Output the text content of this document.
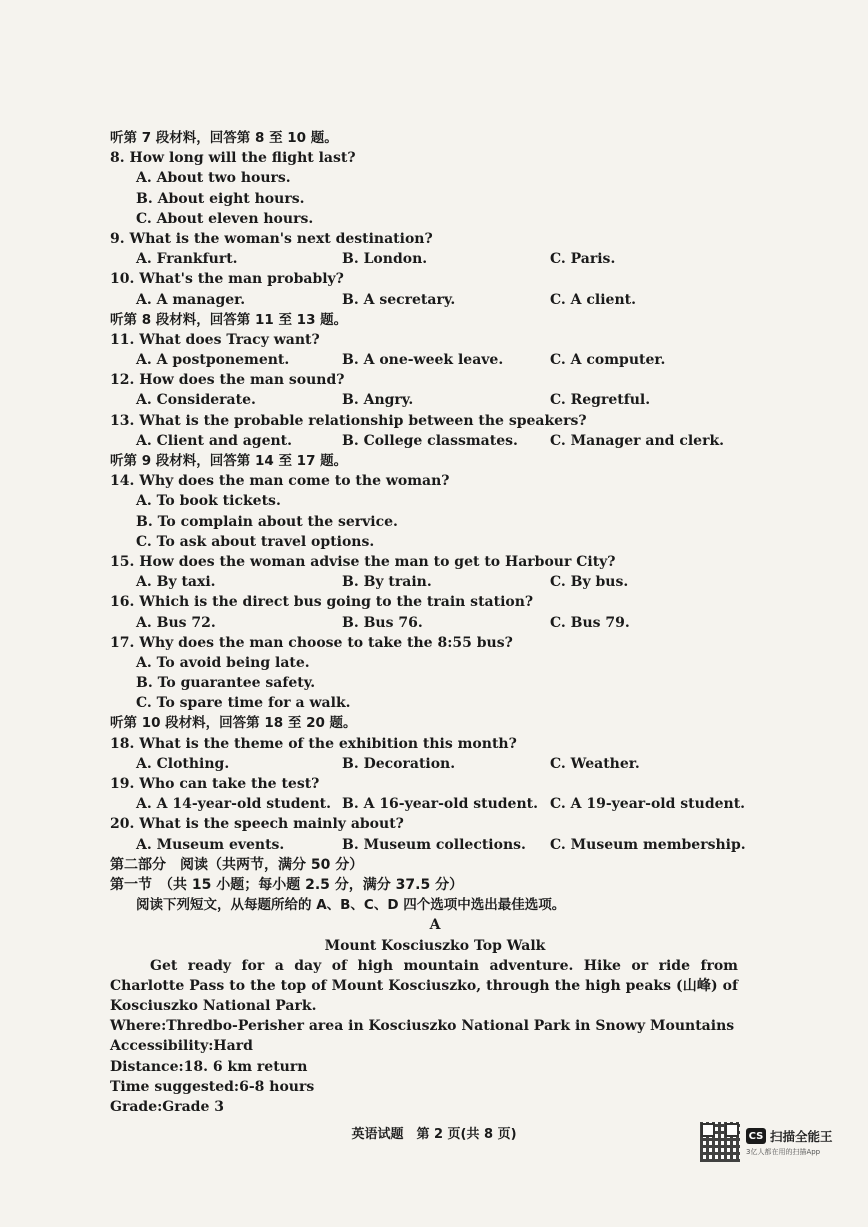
听第 7 段材料，回答第 8 至 10 题。
8. How long will the flight last?
A. About two hours.
B. About eight hours.
C. About eleven hours.
9. What is the woman's next destination?
A. Frankfurt.	B. London.	C. Paris.
10. What's the man probably?
A. A manager.	B. A secretary.	C. A client.
听第 8 段材料，回答第 11 至 13 题。
11. What does Tracy want?
A. A postponement.	B. A one-week leave.	C. A computer.
12. How does the man sound?
A. Considerate.	B. Angry.	C. Regretful.
13. What is the probable relationship between the speakers?
A. Client and agent.	B. College classmates.	C. Manager and clerk.
听第 9 段材料，回答第 14 至 17 题。
14. Why does the man come to the woman?
A. To book tickets.
B. To complain about the service.
C. To ask about travel options.
15. How does the woman advise the man to get to Harbour City?
A. By taxi.	B. By train.	C. By bus.
16. Which is the direct bus going to the train station?
A. Bus 72.	B. Bus 76.	C. Bus 79.
17. Why does the man choose to take the 8:55 bus?
A. To avoid being late.
B. To guarantee safety.
C. To spare time for a walk.
听第 10 段材料，回答第 18 至 20 题。
18. What is the theme of the exhibition this month?
A. Clothing.	B. Decoration.	C. Weather.
19. Who can take the test?
A. A 14-year-old student. B. A 16-year-old student. C. A 19-year-old student.
20. What is the speech mainly about?
A. Museum events.	B. Museum collections.	C. Museum membership.
第二部分　阅读（共两节，满分 50 分）
第一节　（共 15 小题；每小题 2.5 分，满分 37.5 分）
阅读下列短文，从每题所给的 A、B、C、D 四个选项中选出最佳选项。
A
Mount Kosciuszko Top Walk
Get ready for a day of high mountain adventure. Hike or ride from Charlotte Pass to the top of Mount Kosciuszko, through the high peaks (山峰) of Kosciuszko National Park.
Where:Thredbo-Perisher area in Kosciuszko National Park in Snowy Mountains
Accessibility:Hard
Distance:18. 6 km return
Time suggested:6-8 hours
Grade:Grade 3
英语试题　第 2 页(共 8 页)	CS 扫描全能王
3亿人都在用的扫描App
